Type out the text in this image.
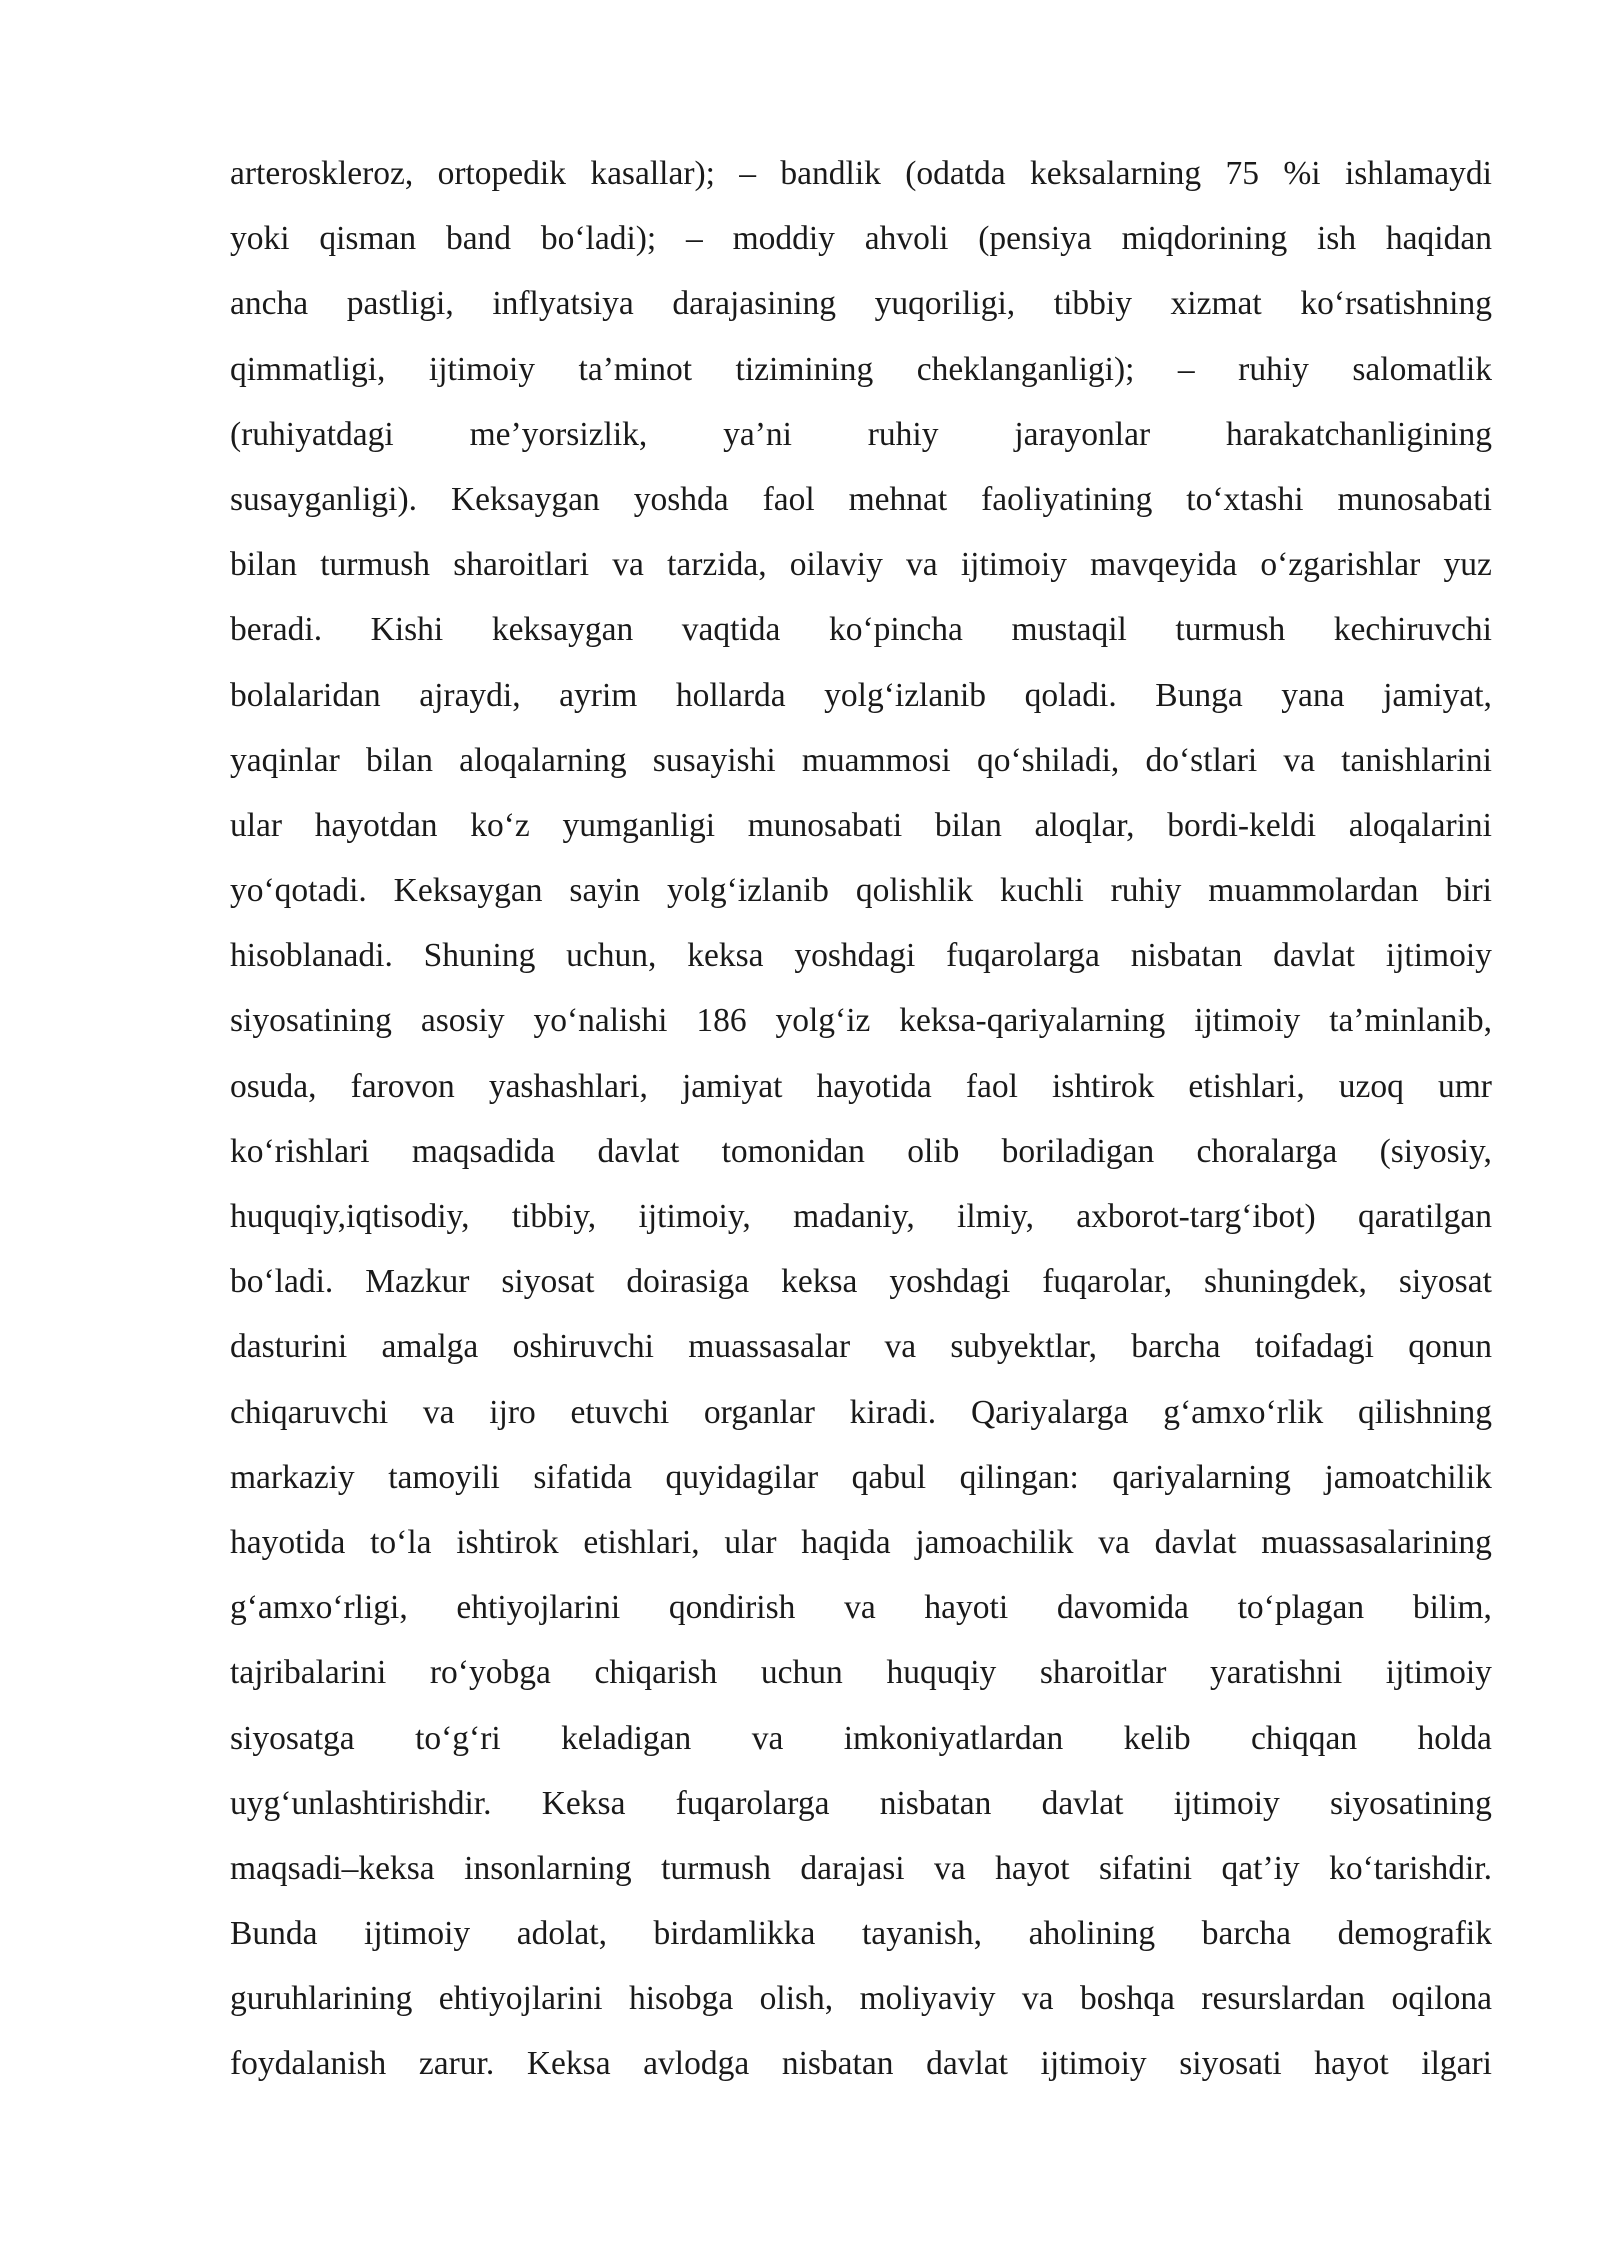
arteroskleroz, ortopedik kasallar); – bandlik (odatda keksalarning 75 %i ishlamaydi
yoki qisman band bo‘ladi); – moddiy ahvoli (pensiya miqdorining ish haqidan
ancha pastligi, inflyatsiya darajasining yuqoriligi, tibbiy xizmat ko‘rsatishning
qimmatligi, ijtimoiy ta’minot tizimining cheklanganligi); – ruhiy salomatlik
(ruhiyatdagi me’yorsizlik, ya’ni ruhiy jarayonlar harakatchanligining
susayganligi). Keksaygan yoshda faol mehnat faoliyatining to‘xtashi munosabati
bilan turmush sharoitlari va tarzida, oilaviy va ijtimoiy mavqeyida o‘zgarishlar yuz
beradi. Kishi keksaygan vaqtida ko‘pincha mustaqil turmush kechiruvchi
bolalaridan ajraydi, ayrim hollarda yolg‘izlanib qoladi. Bunga yana jamiyat,
yaqinlar bilan aloqalarning susayishi muammosi qo‘shiladi, do‘stlari va tanishlarini
ular hayotdan ko‘z yumganligi munosabati bilan aloqlar, bordi-keldi aloqalarini
yo‘qotadi. Keksaygan sayin yolg‘izlanib qolishlik kuchli ruhiy muammolardan biri
hisoblanadi. Shuning uchun, keksa yoshdagi fuqarolarga nisbatan davlat ijtimoiy
siyosatining asosiy yo‘nalishi 186 yolg‘iz keksa-qariyalarning ijtimoiy ta’minlanib,
osuda, farovon yashashlari, jamiyat hayotida faol ishtirok etishlari, uzoq umr
ko‘rishlari maqsadida davlat tomonidan olib boriladigan choralarga (siyosiy,
huquqiy,iqtisodiy, tibbiy, ijtimoiy, madaniy, ilmiy, axborot-targ‘ibot) qaratilgan
bo‘ladi. Mazkur siyosat doirasiga keksa yoshdagi fuqarolar, shuningdek, siyosat
dasturini amalga oshiruvchi muassasalar va subyektlar, barcha toifadagi qonun
chiqaruvchi va ijro etuvchi organlar kiradi. Qariyalarga g‘amxo‘rlik qilishning
markaziy tamoyili sifatida quyidagilar qabul qilingan: qariyalarning jamoatchilik
hayotida to‘la ishtirok etishlari, ular haqida jamoachilik va davlat muassasalarining
g‘amxo‘rligi, ehtiyojlarini qondirish va hayoti davomida to‘plagan bilim,
tajribalarini ro‘yobga chiqarish uchun huquqiy sharoitlar yaratishni ijtimoiy
siyosatga to‘g‘ri keladigan va imkoniyatlardan kelib chiqqan holda
uyg‘unlashtirishdir. Keksa fuqarolarga nisbatan davlat ijtimoiy siyosatining
maqsadi–keksa insonlarning turmush darajasi va hayot sifatini qat’iy ko‘tarishdir.
Bunda ijtimoiy adolat, birdamlikka tayanish, aholining barcha demografik
guruhlarining ehtiyojlarini hisobga olish, moliyaviy va boshqa resurslardan oqilona
foydalanish zarur. Keksa avlodga nisbatan davlat ijtimoiy siyosati hayot ilgari
